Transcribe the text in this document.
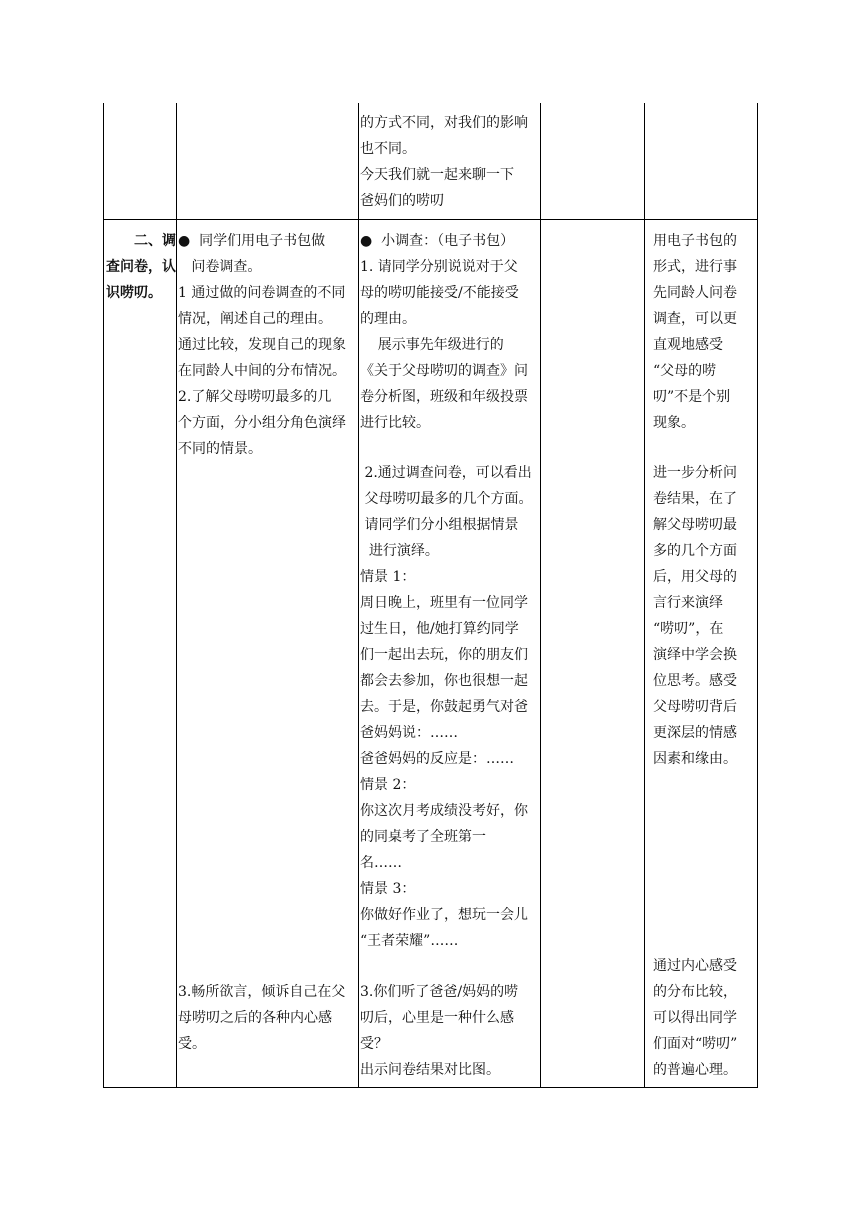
的方式不同，对我们的影响
也不同。
今天我们就一起来聊一下
爸妈们的唠叨
二、调
查问卷，认
识唠叨。
●  同学们用电子书包做
问卷调查。
1 通过做的问卷调查的不同
情况，阐述自己的理由。
通过比较，发现自己的现象
在同龄人中间的分布情况。
2.了解父母唠叨最多的几
个方面，分小组分角色演绎
不同的情景。
3.畅所欲言，倾诉自己在父
母唠叨之后的各种内心感
受。
●  小调查：（电子书包）
1. 请同学分别说说对于父
母的唠叨能接受/不能接受
的理由。
展示事先年级进行的
《关于父母唠叨的调查》问
卷分析图，班级和年级投票
进行比较。
2.通过调查问卷，可以看出
父母唠叨最多的几个方面。
请同学们分小组根据情景
进行演绎。
情景 1：
周日晚上，班里有一位同学
过生日，他/她打算约同学
们一起出去玩，你的朋友们
都会去参加，你也很想一起
去。于是，你鼓起勇气对爸
爸妈妈说：……
爸爸妈妈的反应是：……
情景 2：
你这次月考成绩没考好，你
的同桌考了全班第一
名……
情景 3：
你做好作业了，想玩一会儿
“王者荣耀”……
3.你们听了爸爸/妈妈的唠
叨后，心里是一种什么感
受？
出示问卷结果对比图。
用电子书包的
形式，进行事
先同龄人问卷
调查，可以更
直观地感受
“父母的唠
叨”不是个别
现象。
进一步分析问
卷结果，在了
解父母唠叨最
多的几个方面
后，用父母的
言行来演绎
“唠叨”，在
演绎中学会换
位思考。感受
父母唠叨背后
更深层的情感
因素和缘由。
通过内心感受
的分布比较，
可以得出同学
们面对“唠叨”
的普遍心理。
